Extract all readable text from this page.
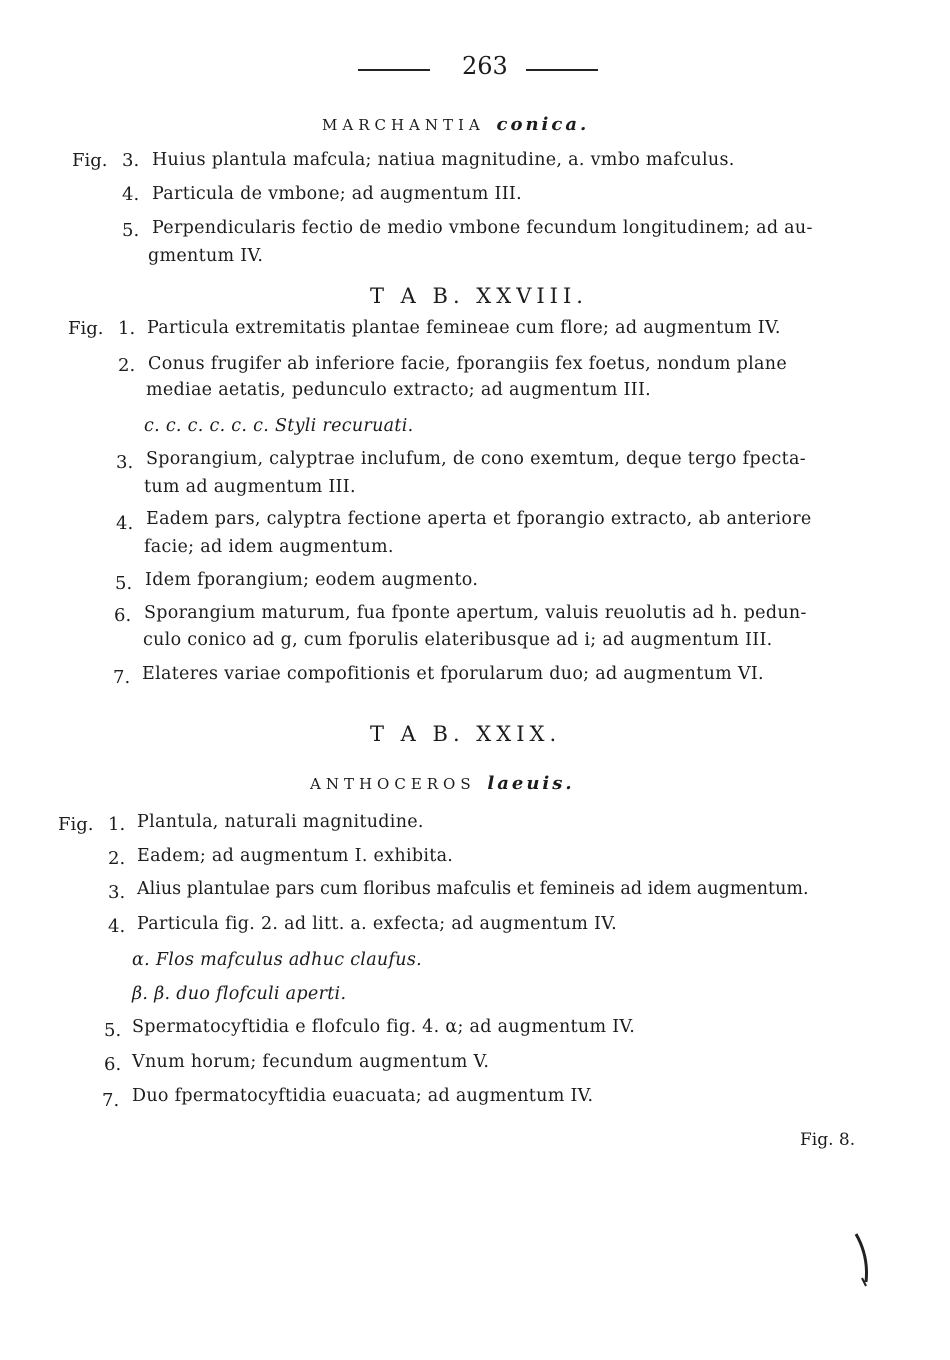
263
MARCHANTIA conica.
Fig. 3. Huius plantula mafcula; natiua magnitudine, a. vmbo mafculus.
4. Particula de vmbone; ad augmentum III.
5. Perpendicularis fectio de medio vmbone fecundum longitudinem; ad au-
gmentum IV.
T A B. XXVIII.
Fig. 1. Particula extremitatis plantae femineae cum flore; ad augmentum IV.
2. Conus frugifer ab inferiore facie, fporangiis fex foetus, nondum plane
mediae aetatis, pedunculo extracto; ad augmentum III.
c. c. c. c. c. c. Styli recuruati.
3. Sporangium, calyptrae inclufum, de cono exemtum, deque tergo fpecta-
tum ad augmentum III.
4. Eadem pars, calyptra fectione aperta et fporangio extracto, ab anteriore
facie; ad idem augmentum.
5. Idem fporangium; eodem augmento.
6. Sporangium maturum, fua fponte apertum, valuis reuolutis ad h. pedun-
culo conico ad g, cum fporulis elateribusque ad i; ad augmentum III.
7. Elateres variae compofitionis et fporularum duo; ad augmentum VI.
T A B. XXIX.
ANTHOCEROS laeuis.
Fig. 1. Plantula, naturali magnitudine.
2. Eadem; ad augmentum I. exhibita.
3. Alius plantulae pars cum floribus mafculis et femineis ad idem augmentum.
4. Particula fig. 2. ad litt. a. exfecta; ad augmentum IV.
α. Flos mafculus adhuc claufus.
β. β. duo flofculi aperti.
5. Spermatocyftidia e flofculo fig. 4. α; ad augmentum IV.
6. Vnum horum; fecundum augmentum V.
7. Duo fpermatocyftidia euacuata; ad augmentum IV.
Fig. 8.
